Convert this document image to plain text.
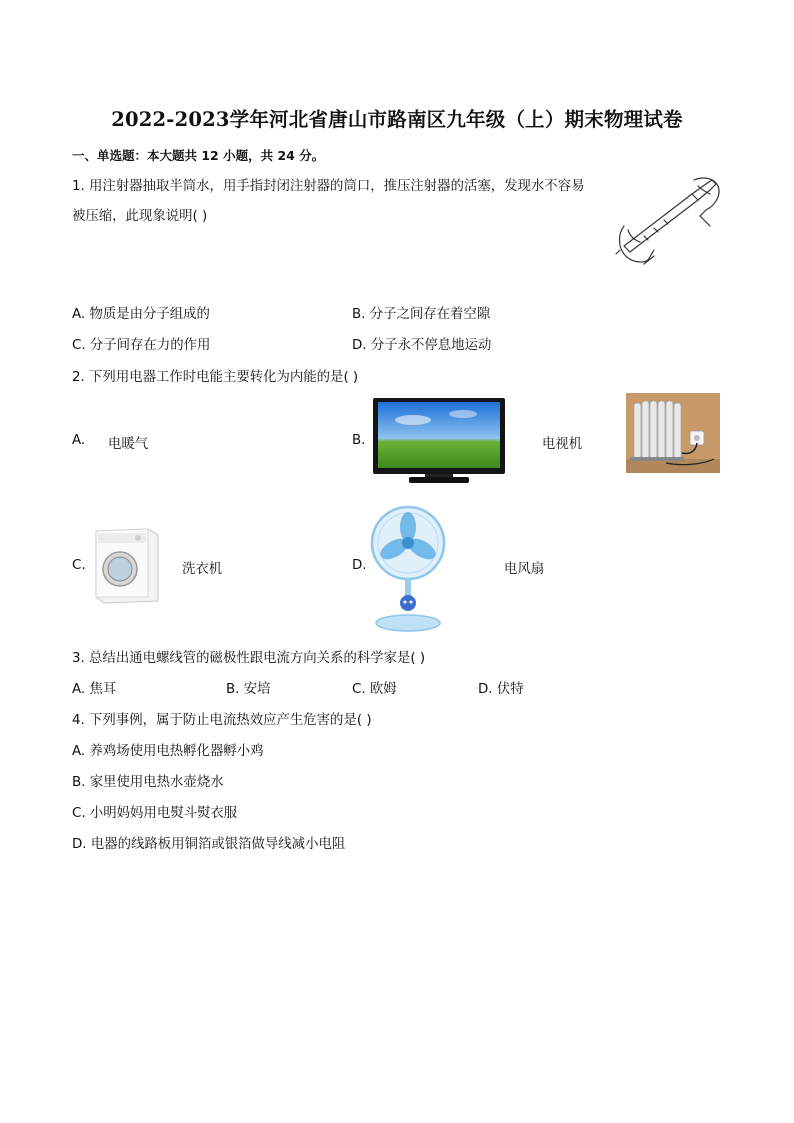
2022-2023学年河北省唐山市路南区九年级（上）期末物理试卷
一、单选题：本大题共 12 小题，共 24 分。
1. 用注射器抽取半筒水，用手指封闭注射器的筒口，推压注射器的活塞，发现水不容易被压缩，此现象说明( )
A. 物质是由分子组成的	B. 分子之间存在着空隙
C. 分子间存在力的作用	D. 分子永不停息地运动
2. 下列用电器工作时电能主要转化为内能的是( )
A. 电暖气	B.	电视机
C.	洗衣机	D.	电风扇
3. 总结出通电螺线管的磁极性跟电流方向关系的科学家是( )
A. 焦耳	B. 安培	C. 欧姆	D. 伏特
4. 下列事例，属于防止电流热效应产生危害的是( )
A. 养鸡场使用电热孵化器孵小鸡
B. 家里使用电热水壶烧水
C. 小明妈妈用电熨斗熨衣服
D. 电器的线路板用铜箔或银箔做导线减小电阻
